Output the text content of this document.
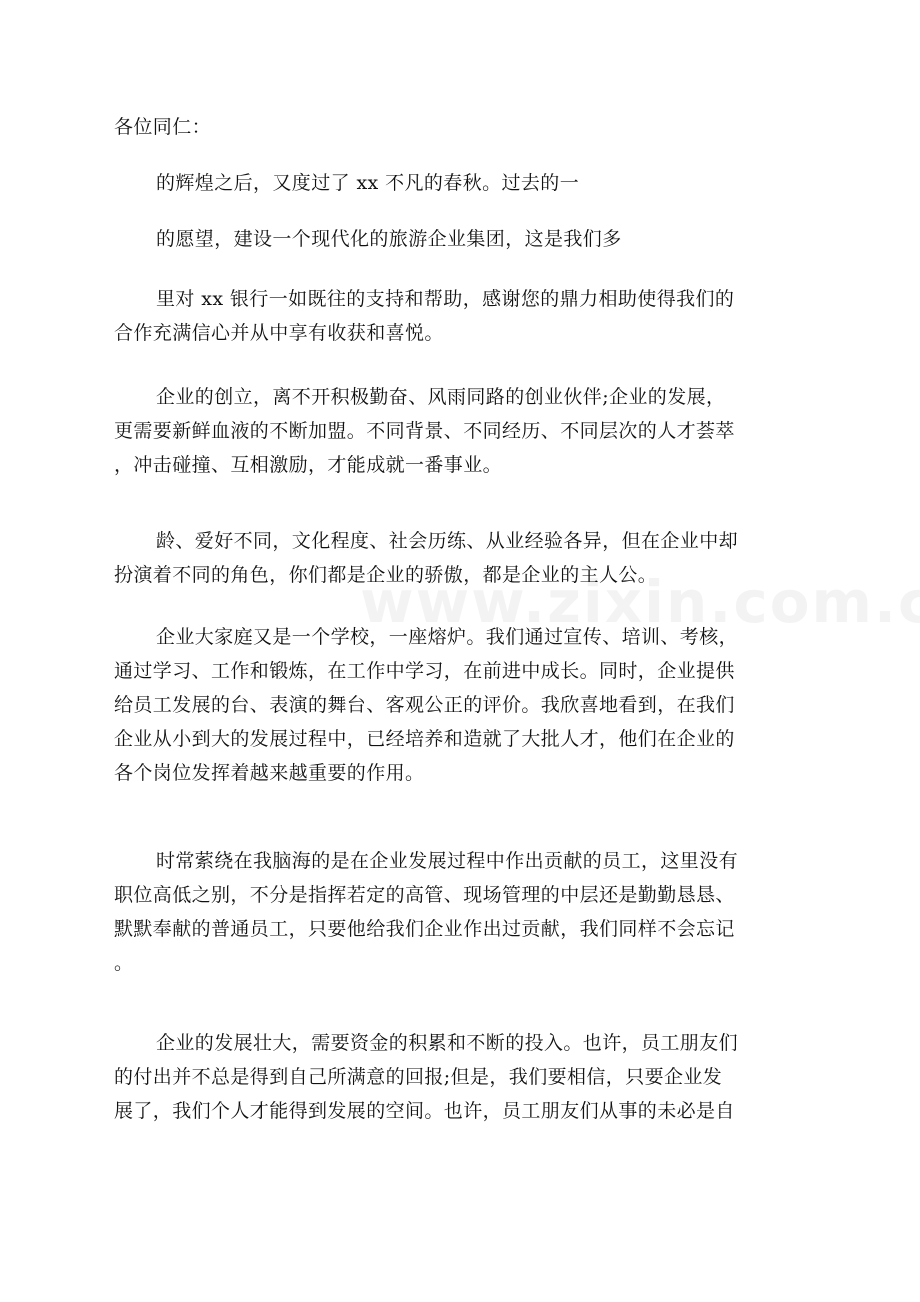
各位同仁：
的辉煌之后，又度过了 xx 不凡的春秋。过去的一
的愿望，建设一个现代化的旅游企业集团，这是我们多
里对 xx 银行一如既往的支持和帮助，感谢您的鼎力相助使得我们的
合作充满信心并从中享有收获和喜悦。
企业的创立，离不开积极勤奋、风雨同路的创业伙伴;企业的发展，
更需要新鲜血液的不断加盟。不同背景、不同经历、不同层次的人才荟萃
，冲击碰撞、互相激励，才能成就一番事业。
龄、爱好不同，文化程度、社会历练、从业经验各异，但在企业中却
扮演着不同的角色，你们都是企业的骄傲，都是企业的主人公。
企业大家庭又是一个学校，一座熔炉。我们通过宣传、培训、考核，
通过学习、工作和锻炼，在工作中学习，在前进中成长。同时，企业提供
给员工发展的台、表演的舞台、客观公正的评价。我欣喜地看到，在我们
企业从小到大的发展过程中，已经培养和造就了大批人才，他们在企业的
各个岗位发挥着越来越重要的作用。
时常萦绕在我脑海的是在企业发展过程中作出贡献的员工，这里没有
职位高低之别，不分是指挥若定的高管、现场管理的中层还是勤勤恳恳、
默默奉献的普通员工，只要他给我们企业作出过贡献，我们同样不会忘记
。
企业的发展壮大，需要资金的积累和不断的投入。也许，员工朋友们
的付出并不总是得到自己所满意的回报;但是，我们要相信，只要企业发
展了，我们个人才能得到发展的空间。也许，员工朋友们从事的未必是自
